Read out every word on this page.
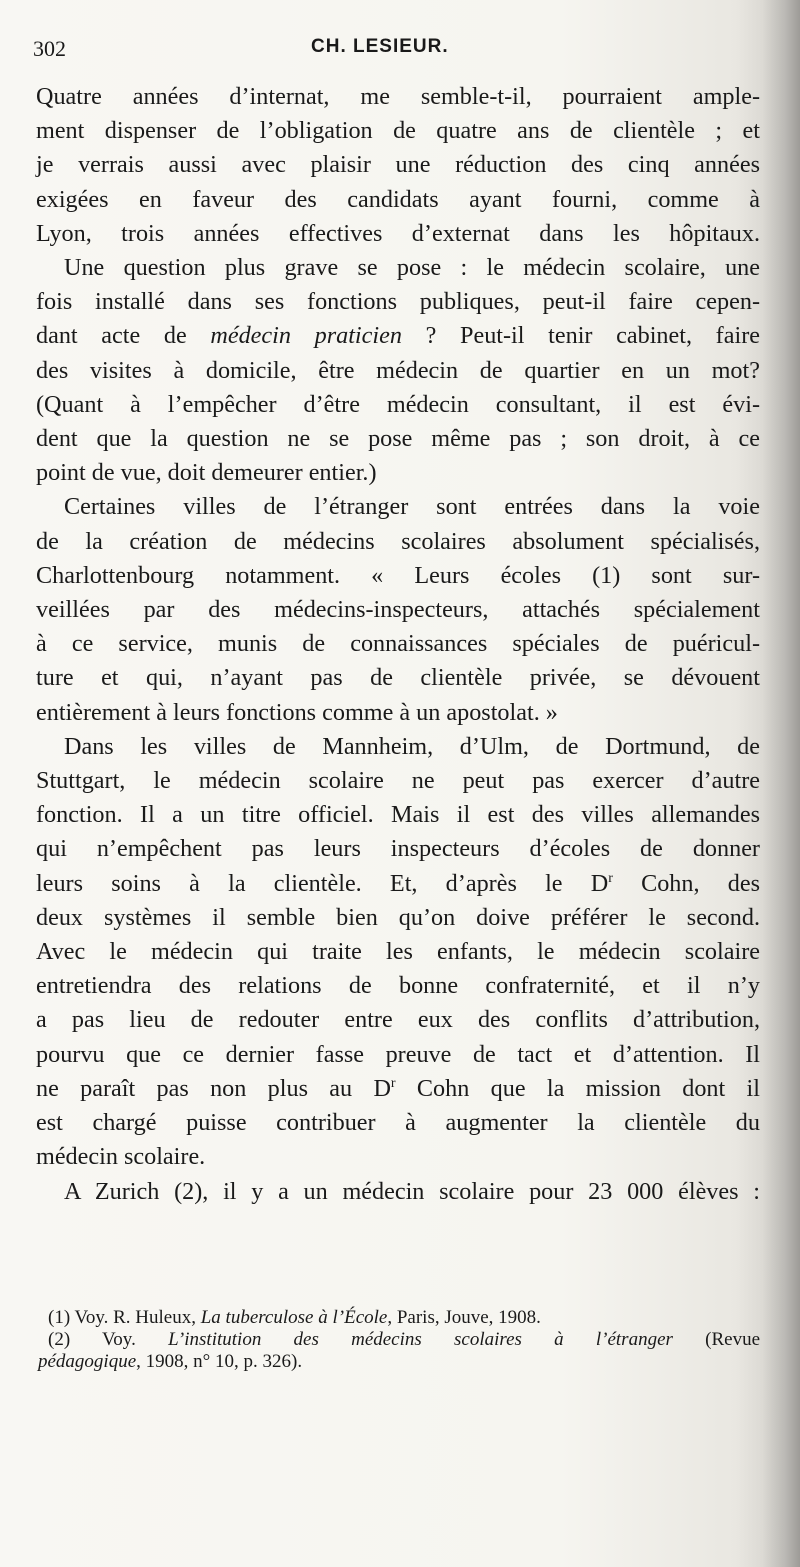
302	CH. LESIEUR.
Quatre années d’internat, me semble-t-il, pourraient ample-
ment dispenser de l’obligation de quatre ans de clientèle ; et
je verrais aussi avec plaisir une réduction des cinq années
exigées en faveur des candidats ayant fourni, comme à
Lyon, trois années effectives d’externat dans les hôpitaux.
Une question plus grave se pose : le médecin scolaire, une
fois installé dans ses fonctions publiques, peut-il faire cepen-
dant acte de médecin praticien ? Peut-il tenir cabinet, faire
des visites à domicile, être médecin de quartier en un mot?
(Quant à l’empêcher d’être médecin consultant, il est évi-
dent que la question ne se pose même pas ; son droit, à ce
point de vue, doit demeurer entier.)
Certaines villes de l’étranger sont entrées dans la voie
de la création de médecins scolaires absolument spécialisés,
Charlottenbourg notamment. « Leurs écoles (1) sont sur-
veillées par des médecins-inspecteurs, attachés spécialement
à ce service, munis de connaissances spéciales de puéricul-
ture et qui, n’ayant pas de clientèle privée, se dévouent
entièrement à leurs fonctions comme à un apostolat. »
Dans les villes de Mannheim, d’Ulm, de Dortmund, de
Stuttgart, le médecin scolaire ne peut pas exercer d’autre
fonction. Il a un titre officiel. Mais il est des villes allemandes
qui n’empêchent pas leurs inspecteurs d’écoles de donner
leurs soins à la clientèle. Et, d’après le $D^r$ Cohn, des
deux systèmes il semble bien qu’on doive préférer le second.
Avec le médecin qui traite les enfants, le médecin scolaire
entretiendra des relations de bonne confraternité, et il n’y
a pas lieu de redouter entre eux des conflits d’attribution,
pourvu que ce dernier fasse preuve de tact et d’attention. Il
ne paraît pas non plus au $D^r$ Cohn que la mission dont il
est chargé puisse contribuer à augmenter la clientèle du
médecin scolaire.
A Zurich (2), il y a un médecin scolaire pour 23 000 élèves :
(1) Voy. R. Huleux, La tuberculose à l’École, Paris, Jouve, 1908.
(2) Voy. L’institution des médecins scolaires à l’étranger (Revue
pédagogique, 1908, n° 10, p. 326).
